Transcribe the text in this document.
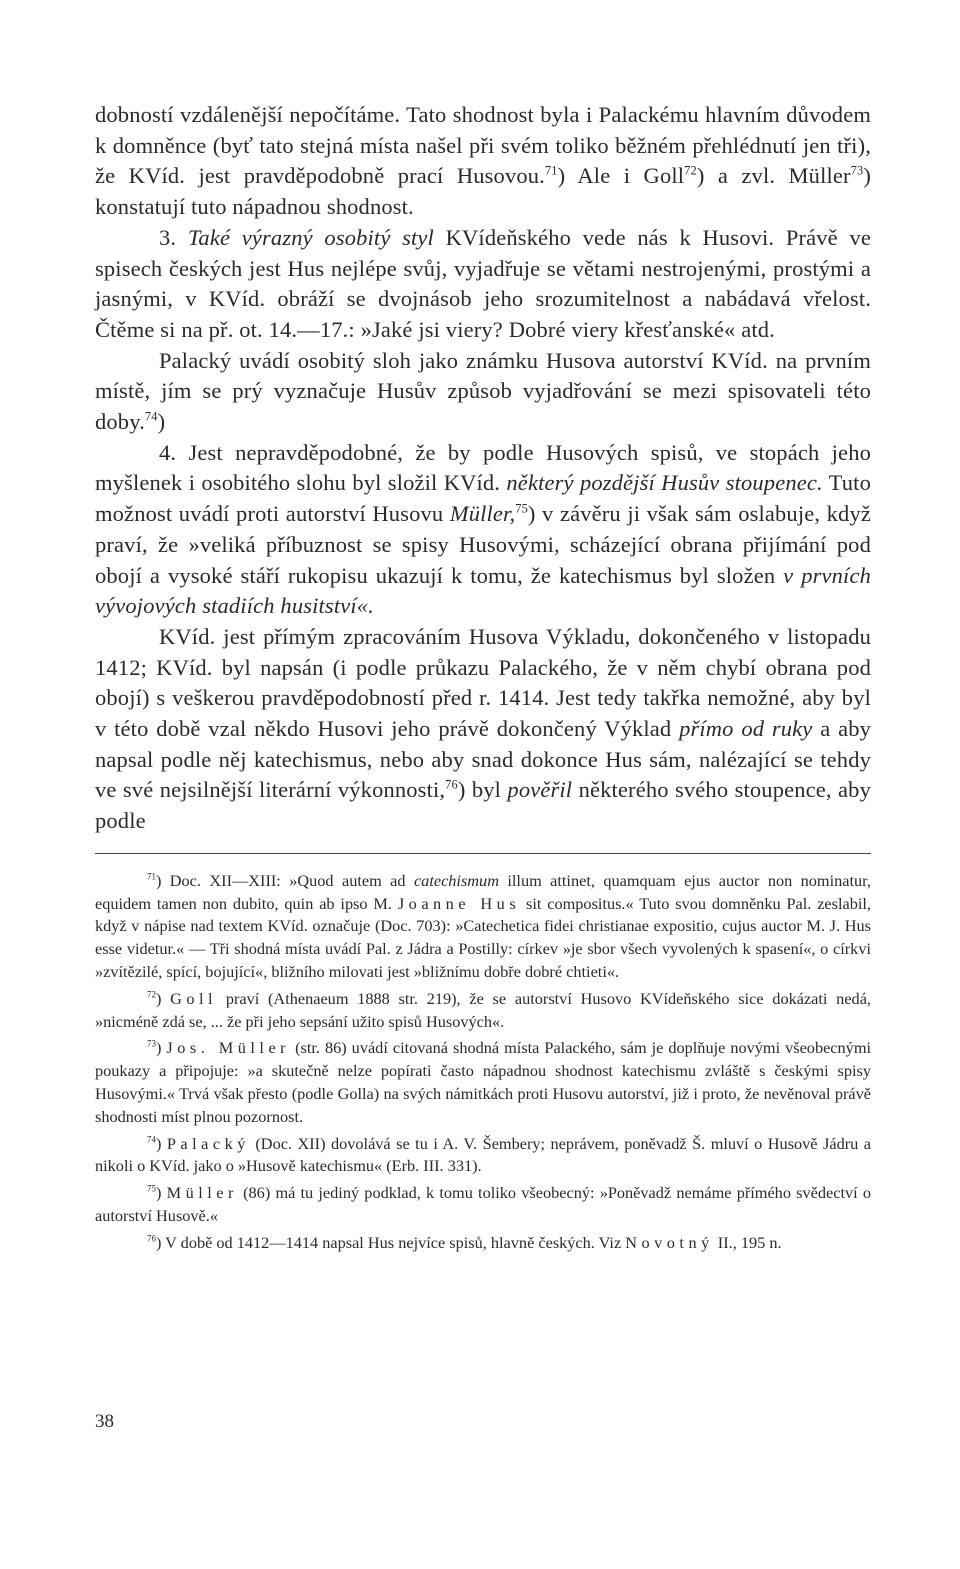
dobností vzdálenější nepočítáme. Tato shodnost byla i Palackému hlavním důvodem k domněnce (byť tato stejná místa našel při svém toliko běžném přehlédnutí jen tři), že KVíd. jest pravděpodobně prací Husovou.$^{71}$) Ale i Goll$^{72}$) a zvl. Müller$^{73}$) konstatují tuto nápadnou shodnost.

3. Také výrazný osobitý styl KVídeňského vede nás k Husovi. Právě ve spisech českých jest Hus nejlépe svůj, vyjadřuje se větami nestrojenými, prostými a jasnými, v KVíd. obráží se dvojnásob jeho srozumitelnost a nabádavá vřelost. Čtěme si na př. ot. 14.—17.: »Jaké jsi viery? Dobré viery křesťanské« atd.

Palacký uvádí osobitý sloh jako známku Husova autorství KVíd. na prvním místě, jím se prý vyznačuje Husův způsob vyjadřování se mezi spisovateli této doby.$^{74}$)

4. Jest nepravděpodobné, že by podle Husových spisů, ve stopách jeho myšlenek i osobitého slohu byl složil KVíd. některý pozdější Husův stoupenec. Tuto možnost uvádí proti autorství Husovu Müller,$^{75}$) v závěru ji však sám oslabuje, když praví, že »veliká příbuznost se spisy Husovými, scházející obrana přijímání pod obojí a vysoké stáří rukopisu ukazují k tomu, že katechismus byl složen v prvních vývojových stadiích husitství«.

KVíd. jest přímým zpracováním Husova Výkladu, dokončeného v listopadu 1412; KVíd. byl napsán (i podle průkazu Palackého, že v něm chybí obrana pod obojí) s veškerou pravděpodobností před r. 1414. Jest tedy takřka nemožné, aby byl v této době vzal někdo Husovi jeho právě dokončený Výklad přímo od ruky a aby napsal podle něj katechismus, nebo aby snad dokonce Hus sám, nalézající se tehdy ve své nejsilnější literární výkonnosti,$^{76}$) byl pověřil některého svého stoupence, aby podle

$^{71}$) Doc. XII—XIII: »Quod autem ad catechismum illum attinet, quamquam ejus auctor non nominatur, equidem tamen non dubito, quin ab ipso M. Joanne Hus sit compositus.« Tuto svou domněnku Pal. zeslabil, když v nápise nad textem KVíd. označuje (Doc. 703): »Catechetica fidei christianae expositio, cujus auctor M. J. Hus esse videtur.« — Tři shodná místa uvádí Pal. z Jádra a Postilly: církev »je sbor všech vyvolených k spasení«, o církvi »zvítězilé, spící, bojující«, bližního milovati jest »bližnímu dobře dobré chtieti«.

$^{72}$) Goll praví (Athenaeum 1888 str. 219), že se autorství Husovo KVídeňského sice dokázati nedá, »nicméně zdá se, ... že při jeho sepsání užito spisů Husových«.

$^{73}$) Jos. Müller (str. 86) uvádí citovaná shodná místa Palackého, sám je doplňuje novými všeobecnými poukazy a připojuje: »a skutečně nelze popírati často nápadnou shodnost katechismu zvláště s českými spisy Husovými.« Trvá však přesto (podle Golla) na svých námitkách proti Husovu autorství, již i proto, že nevěnoval právě shodnosti míst plnou pozornost.

$^{74}$) Palacký (Doc. XII) dovolává se tu i A. V. Šembery; neprávem, poněvadž Š. mluví o Husově Jádru a nikoli o KVíd. jako o »Husově katechismu« (Erb. III. 331).

$^{75}$) Müller (86) má tu jediný podklad, k tomu toliko všeobecný: »Poněvadž nemáme přímého svědectví o autorství Husově.«

$^{76}$) V době od 1412—1414 napsal Hus nejvíce spisů, hlavně českých. Viz Novotný II., 195 n.

38
